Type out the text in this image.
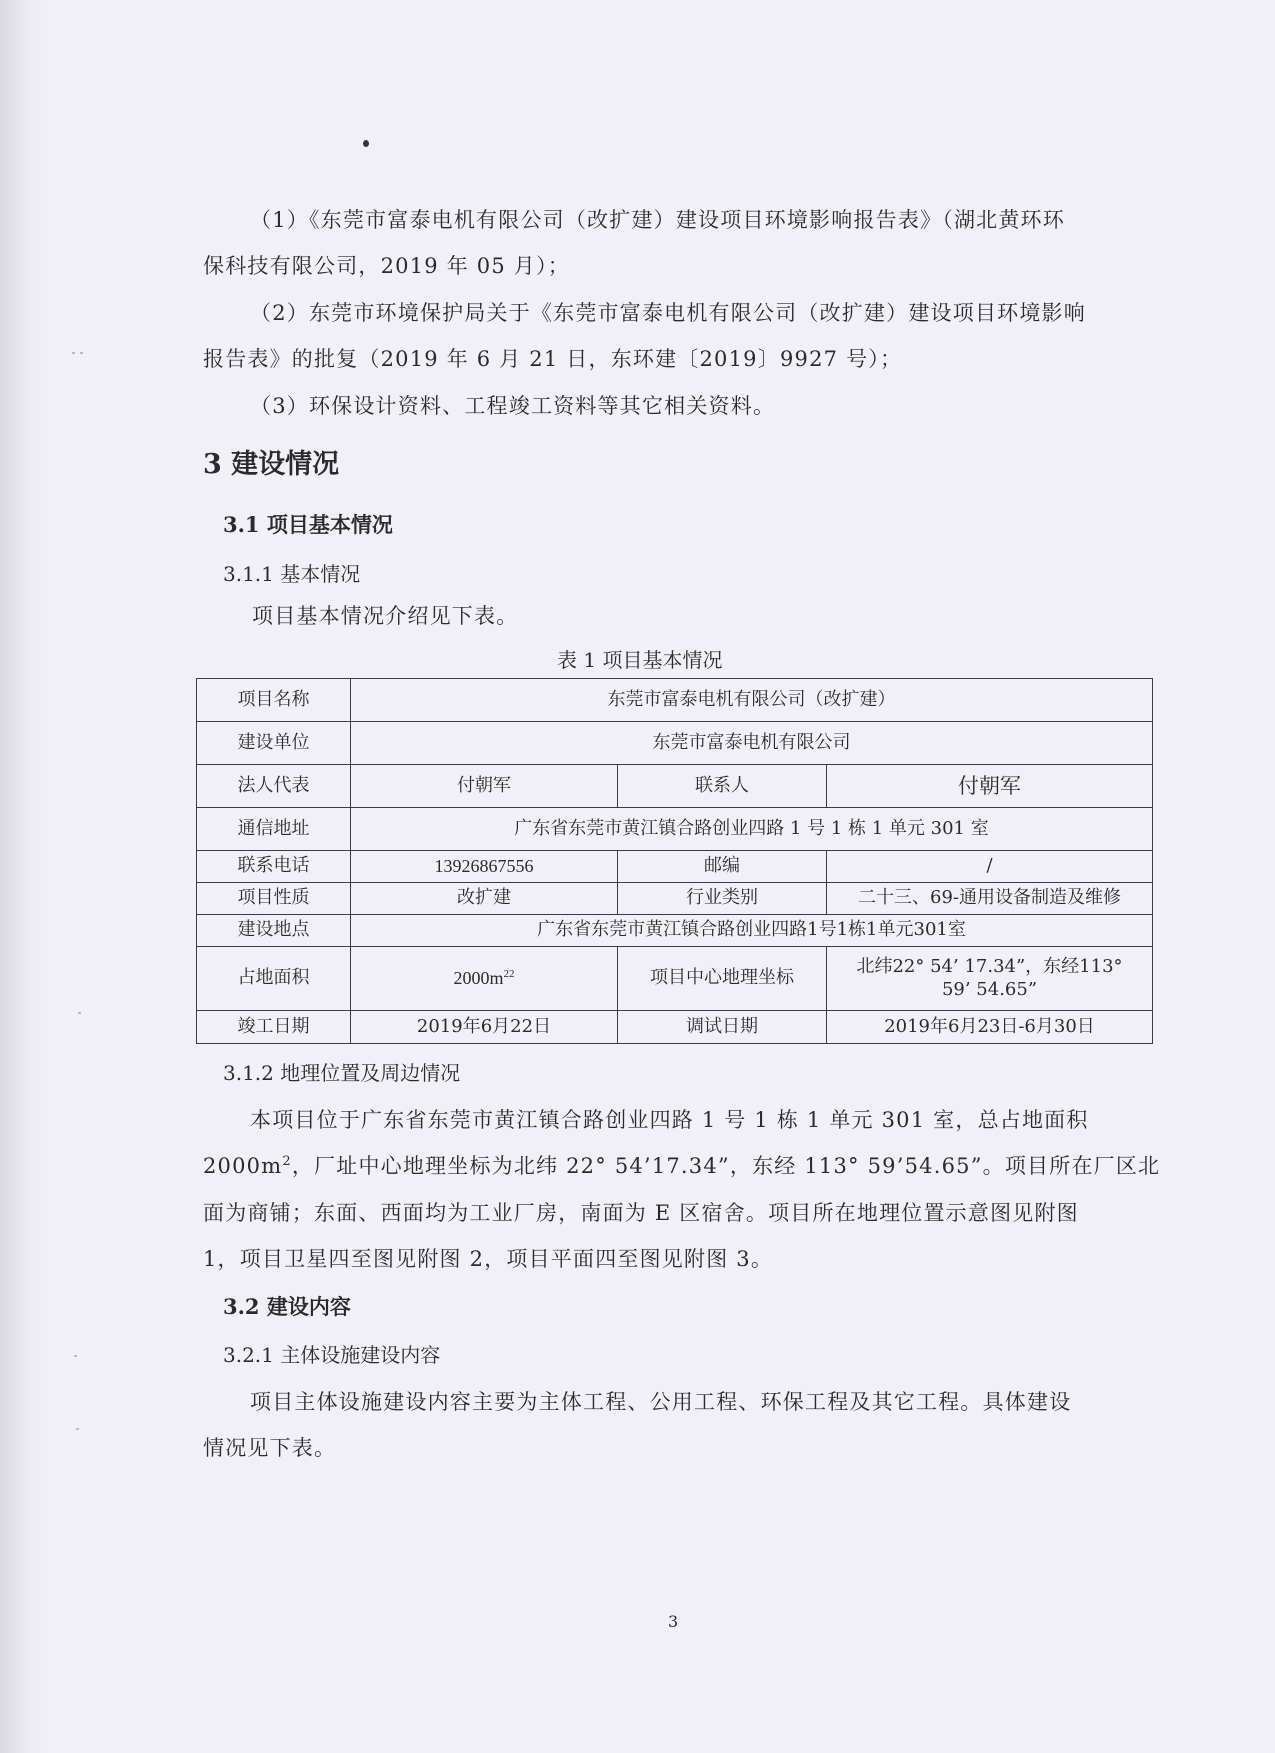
（1）《东莞市富泰电机有限公司（改扩建）建设项目环境影响报告表》（湖北黄环环
保科技有限公司，2019 年 05 月）；
（2）东莞市环境保护局关于《东莞市富泰电机有限公司（改扩建）建设项目环境影响
报告表》的批复（2019 年 6 月 21 日，东环建〔2019〕9927 号）；
（3）环保设计资料、工程竣工资料等其它相关资料。
3 建设情况
3.1 项目基本情况
3.1.1 基本情况
项目基本情况介绍见下表。
表 1 项目基本情况
项目名称	东莞市富泰电机有限公司（改扩建）		
建设单位	东莞市富泰电机有限公司		
法人代表	付朝军	联系人	付朝军
通信地址	广东省东莞市黄江镇合路创业四路 1 号 1 栋 1 单元 301 室		
联系电话	13926867556	邮编	/
项目性质	改扩建	行业类别	二十三、69-通用设备制造及维修
建设地点	广东省东莞市黄江镇合路创业四路1号1栋1单元301室		
占地面积	$2000m^{22}$	项目中心地理坐标	北纬22° 54’ 17.34”，东经113°
59’ 54.65”

竣工日期	2019年6月22日	调试日期	2019年6月23日-6月30日
3.1.2 地理位置及周边情况
本项目位于广东省东莞市黄江镇合路创业四路 1 号 1 栋 1 单元 301 室，总占地面积
$2000m^2$，厂址中心地理坐标为北纬 22° 54’17.34”，东经 113° 59’54.65”。项目所在厂区北
面为商铺；东面、西面均为工业厂房，南面为 E 区宿舍。项目所在地理位置示意图见附图
1，项目卫星四至图见附图 2，项目平面四至图见附图 3。
3.2 建设内容
3.2.1 主体设施建设内容
项目主体设施建设内容主要为主体工程、公用工程、环保工程及其它工程。具体建设
情况见下表。
3
